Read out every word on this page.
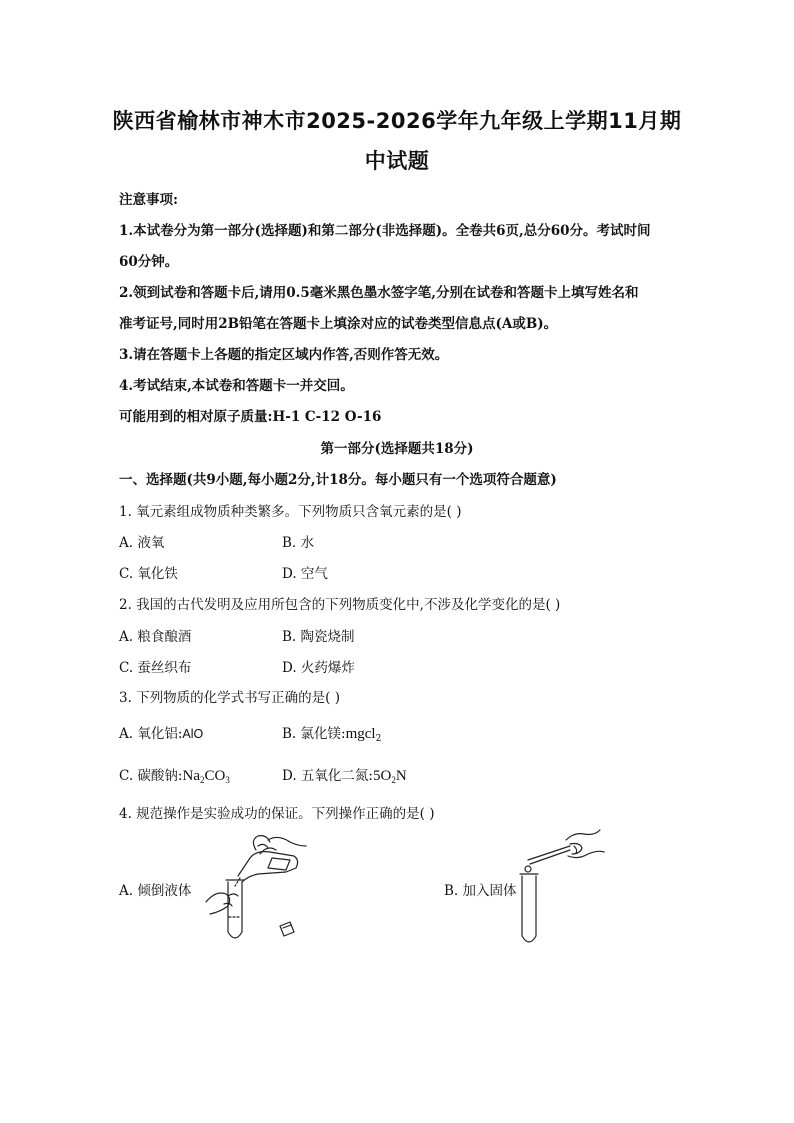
陕西省榆林市神木市2025-2026学年九年级上学期11月期
中试题
注意事项:
1.本试卷分为第一部分(选择题)和第二部分(非选择题)。全卷共6页,总分60分。考试时间
60分钟。
2.领到试卷和答题卡后,请用0.5毫米黑色墨水签字笔,分别在试卷和答题卡上填写姓名和
准考证号,同时用2B铅笔在答题卡上填涂对应的试卷类型信息点(A或B)。
3.请在答题卡上各题的指定区域内作答,否则作答无效。
4.考试结束,本试卷和答题卡一并交回。
可能用到的相对原子质量:H-1 C-12 O-16
第一部分(选择题共18分)
一、选择题(共9小题,每小题2分,计18分。每小题只有一个选项符合题意)
1. 氧元素组成物质种类繁多。下列物质只含氧元素的是( )
A. 液氧	B. 水
C. 氧化铁	D. 空气
2. 我国的古代发明及应用所包含的下列物质变化中,不涉及化学变化的是( )
A. 粮食酿酒	B. 陶瓷烧制
C. 蚕丝织布	D. 火药爆炸
3. 下列物质的化学式书写正确的是( )
A. 氧化铝:AlO	B. 氯化镁:mgcl$_2$
C. 碳酸钠$:Na_2CO_3$	D. 五氧化二氮$:5O_2N$
4. 规范操作是实验成功的保证。下列操作正确的是( )
A. 倾倒液体	B. 加入固体
